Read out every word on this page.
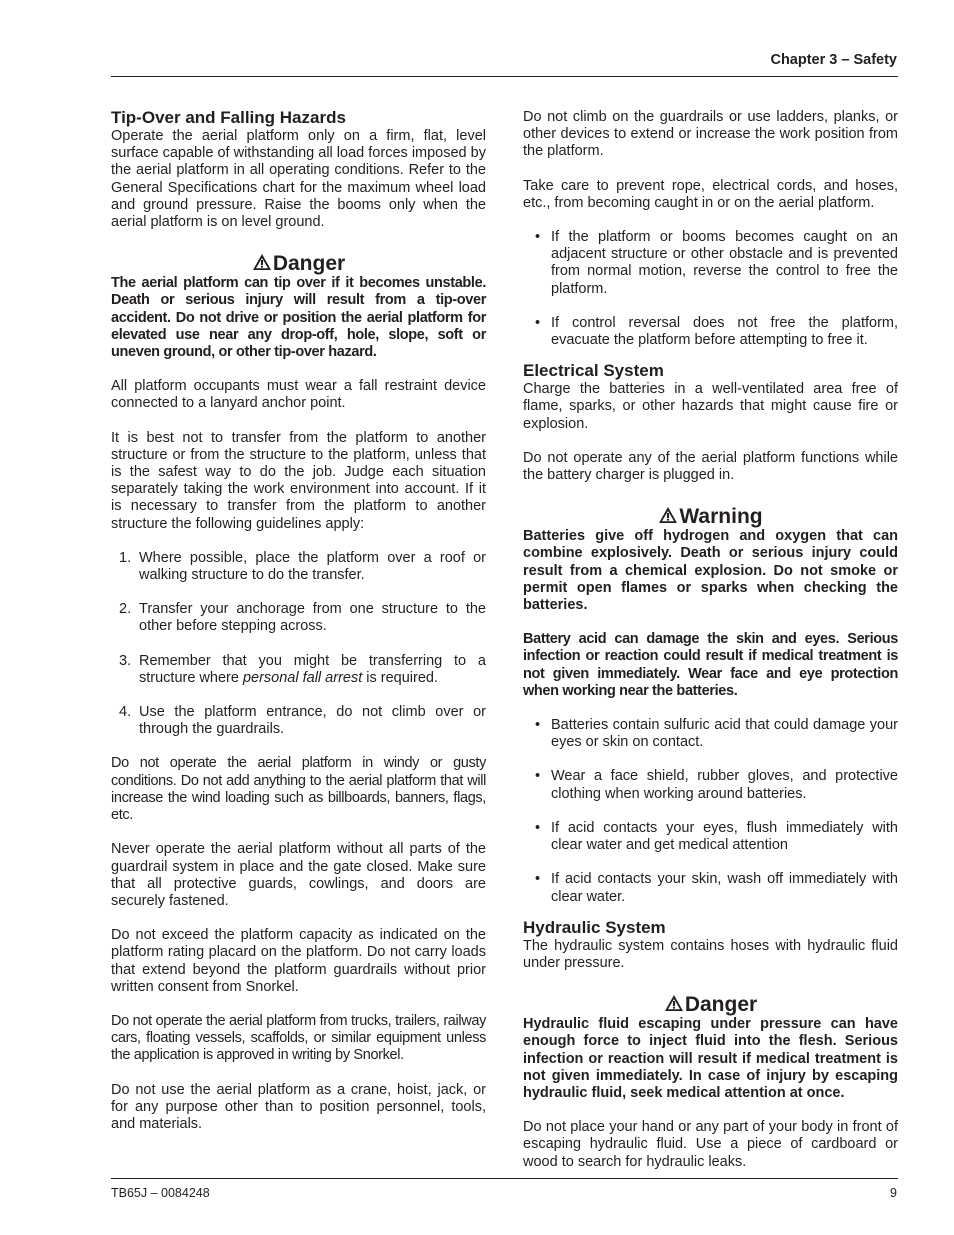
Chapter 3 – Safety
Tip-Over and Falling Hazards

Operate the aerial platform only on a firm, flat, level surface capable of withstanding all load forces imposed by the aerial platform in all operating conditions. Refer to the General Specifications chart for the maximum wheel load and ground pressure. Raise the booms only when the aerial platform is on level ground.

Danger

The aerial platform can tip over if it becomes unstable. Death or serious injury will result from a tip-over accident. Do not drive or position the aerial platform for elevated use near any drop-off, hole, slope, soft or uneven ground, or other tip-over hazard.

All platform occupants must wear a fall restraint device connected to a lanyard anchor point.

It is best not to transfer from the platform to another structure or from the structure to the platform, unless that is the safest way to do the job. Judge each situation separately taking the work environment into account. If it is necessary to transfer from the platform to another structure the following guidelines apply:

1. Where possible, place the platform over a roof or walking structure to do the transfer.
2. Transfer your anchorage from one structure to the other before stepping across.
3. Remember that you might be transferring to a structure where personal fall arrest is required.
4. Use the platform entrance, do not climb over or through the guardrails.

Do not operate the aerial platform in windy or gusty conditions. Do not add anything to the aerial platform that will increase the wind loading such as billboards, banners, flags, etc.

Never operate the aerial platform without all parts of the guardrail system in place and the gate closed. Make sure that all protective guards, cowlings, and doors are securely fastened.

Do not exceed the platform capacity as indicated on the platform rating placard on the platform. Do not carry loads that extend beyond the platform guardrails without prior written consent from Snorkel.

Do not operate the aerial platform from trucks, trailers, railway cars, floating vessels, scaffolds, or similar equipment unless the application is approved in writing by Snorkel.

Do not use the aerial platform as a crane, hoist, jack, or for any purpose other than to position personnel, tools, and materials.

Do not climb on the guardrails or use ladders, planks, or other devices to extend or increase the work position from the platform.

Take care to prevent rope, electrical cords, and hoses, etc., from becoming caught in or on the aerial platform.

• If the platform or booms becomes caught on an adjacent structure or other obstacle and is prevented from normal motion, reverse the control to free the platform.
• If control reversal does not free the platform, evacuate the platform before attempting to free it.
Electrical System

Charge the batteries in a well-ventilated area free of flame, sparks, or other hazards that might cause fire or explosion.

Do not operate any of the aerial platform functions while the battery charger is plugged in.

Warning

Batteries give off hydrogen and oxygen that can combine explosively. Death or serious injury could result from a chemical explosion. Do not smoke or permit open flames or sparks when checking the batteries.

Battery acid can damage the skin and eyes. Serious infection or reaction could result if medical treatment is not given immediately. Wear face and eye protection when working near the batteries.

• Batteries contain sulfuric acid that could damage your eyes or skin on contact.
• Wear a face shield, rubber gloves, and protective clothing when working around batteries.
• If acid contacts your eyes, flush immediately with clear water and get medical attention
• If acid contacts your skin, wash off immediately with clear water.
Hydraulic System

The hydraulic system contains hoses with hydraulic fluid under pressure.

Danger

Hydraulic fluid escaping under pressure can have enough force to inject fluid into the flesh. Serious infection or reaction will result if medical treatment is not given immediately. In case of injury by escaping hydraulic fluid, seek medical attention at once.

Do not place your hand or any part of your body in front of escaping hydraulic fluid. Use a piece of cardboard or wood to search for hydraulic leaks.

TB65J – 0084248	9
